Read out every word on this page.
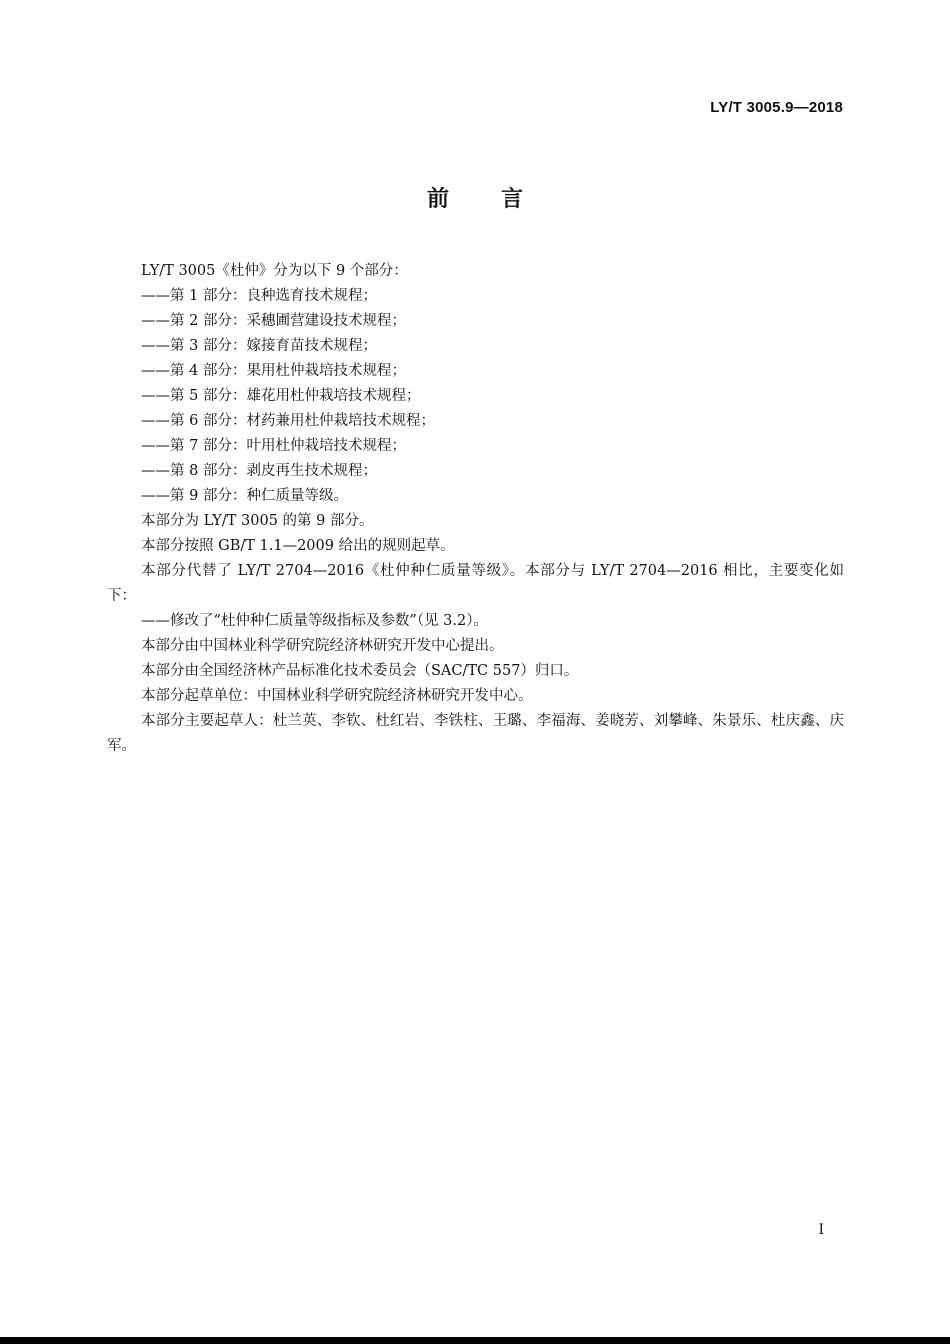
LY/T 3005.9—2018
前言

LY/T 3005《杜仲》分为以下 9 个部分：

——第 1 部分：良种选育技术规程；
——第 2 部分：采穗圃营建设技术规程；
——第 3 部分：嫁接育苗技术规程；
——第 4 部分：果用杜仲栽培技术规程；
——第 5 部分：雄花用杜仲栽培技术规程；
——第 6 部分：材药兼用杜仲栽培技术规程；
——第 7 部分：叶用杜仲栽培技术规程；
——第 8 部分：剥皮再生技术规程；
——第 9 部分：种仁质量等级。

本部分为 LY/T 3005 的第 9 部分。

本部分按照 GB/T 1.1—2009 给出的规则起草。

本部分代替了 LY/T 2704—2016《杜仲种仁质量等级》。本部分与 LY/T 2704—2016 相比，主要变化如下：

——修改了“杜仲种仁质量等级指标及参数”（见 3.2）。

本部分由中国林业科学研究院经济林研究开发中心提出。

本部分由全国经济林产品标准化技术委员会（SAC/TC 557）归口。

本部分起草单位：中国林业科学研究院经济林研究开发中心。

本部分主要起草人：杜兰英、李钦、杜红岩、李铁柱、王璐、李福海、姜晓芳、刘攀峰、朱景乐、杜庆鑫、庆军。

I
